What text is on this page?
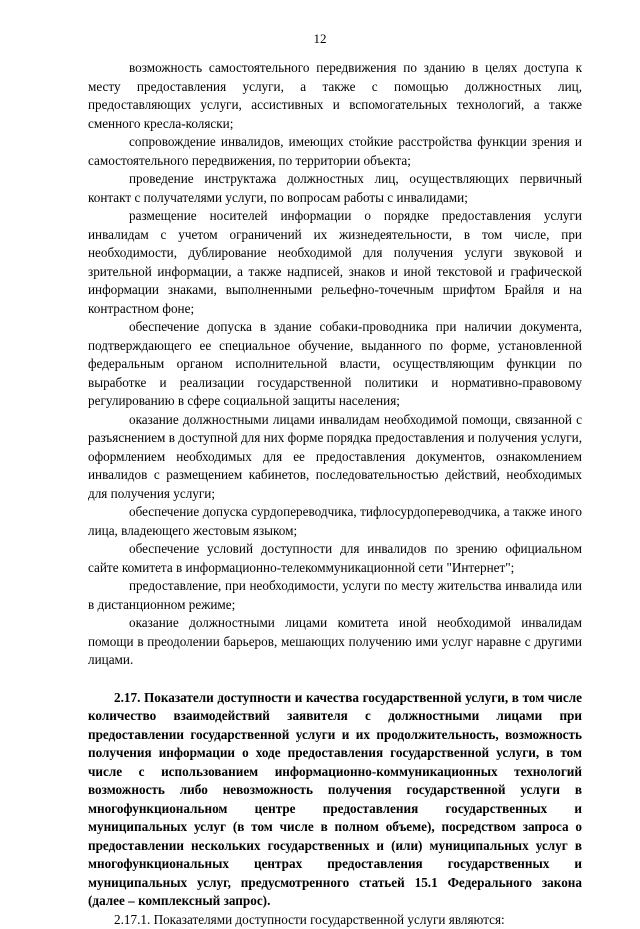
12

возможность самостоятельного передвижения по зданию в целях доступа к месту предоставления услуги, а также с помощью должностных лиц, предоставляющих услуги, ассистивных и вспомогательных технологий, а также сменного кресла-коляски;

сопровождение инвалидов, имеющих стойкие расстройства функции зрения и самостоятельного передвижения, по территории объекта;

проведение инструктажа должностных лиц, осуществляющих первичный контакт с получателями услуги, по вопросам работы с инвалидами;

размещение носителей информации о порядке предоставления услуги инвалидам с учетом ограничений их жизнедеятельности, в том числе, при необходимости, дублирование необходимой для получения услуги звуковой и зрительной информации, а также надписей, знаков и иной текстовой и графической информации знаками, выполненными рельефно-точечным шрифтом Брайля и на контрастном фоне;

обеспечение допуска в здание собаки-проводника при наличии документа, подтверждающего ее специальное обучение, выданного по форме, установленной федеральным органом исполнительной власти, осуществляющим функции по выработке и реализации государственной политики и нормативно-правовому регулированию в сфере социальной защиты населения;

оказание должностными лицами инвалидам необходимой помощи, связанной с разъяснением в доступной для них форме порядка предоставления и получения услуги, оформлением необходимых для ее предоставления документов, ознакомлением инвалидов с размещением кабинетов, последовательностью действий, необходимых для получения услуги;

обеспечение допуска сурдопереводчика, тифлосурдопереводчика, а также иного лица, владеющего жестовым языком;

обеспечение условий доступности для инвалидов по зрению официальном сайте комитета в информационно-телекоммуникационной сети "Интернет";

предоставление, при необходимости, услуги по месту жительства инвалида или в дистанционном режиме;

оказание должностными лицами комитета иной необходимой инвалидам помощи в преодолении барьеров, мешающих получению ими услуг наравне с другими лицами.

2.17. Показатели доступности и качества государственной услуги, в том числе количество взаимодействий заявителя с должностными лицами при предоставлении государственной услуги и их продолжительность, возможность получения информации о ходе предоставления государственной услуги, в том числе с использованием информационно-коммуникационных технологий возможность либо невозможность получения государственной услуги в многофункциональном центре предоставления государственных и муниципальных услуг (в том числе в полном объеме), посредством запроса о предоставлении нескольких государственных и (или) муниципальных услуг в многофункциональных центрах предоставления государственных и муниципальных услуг, предусмотренного статьей 15.1 Федерального закона (далее – комплексный запрос).

2.17.1. Показателями доступности государственной услуги являются:
